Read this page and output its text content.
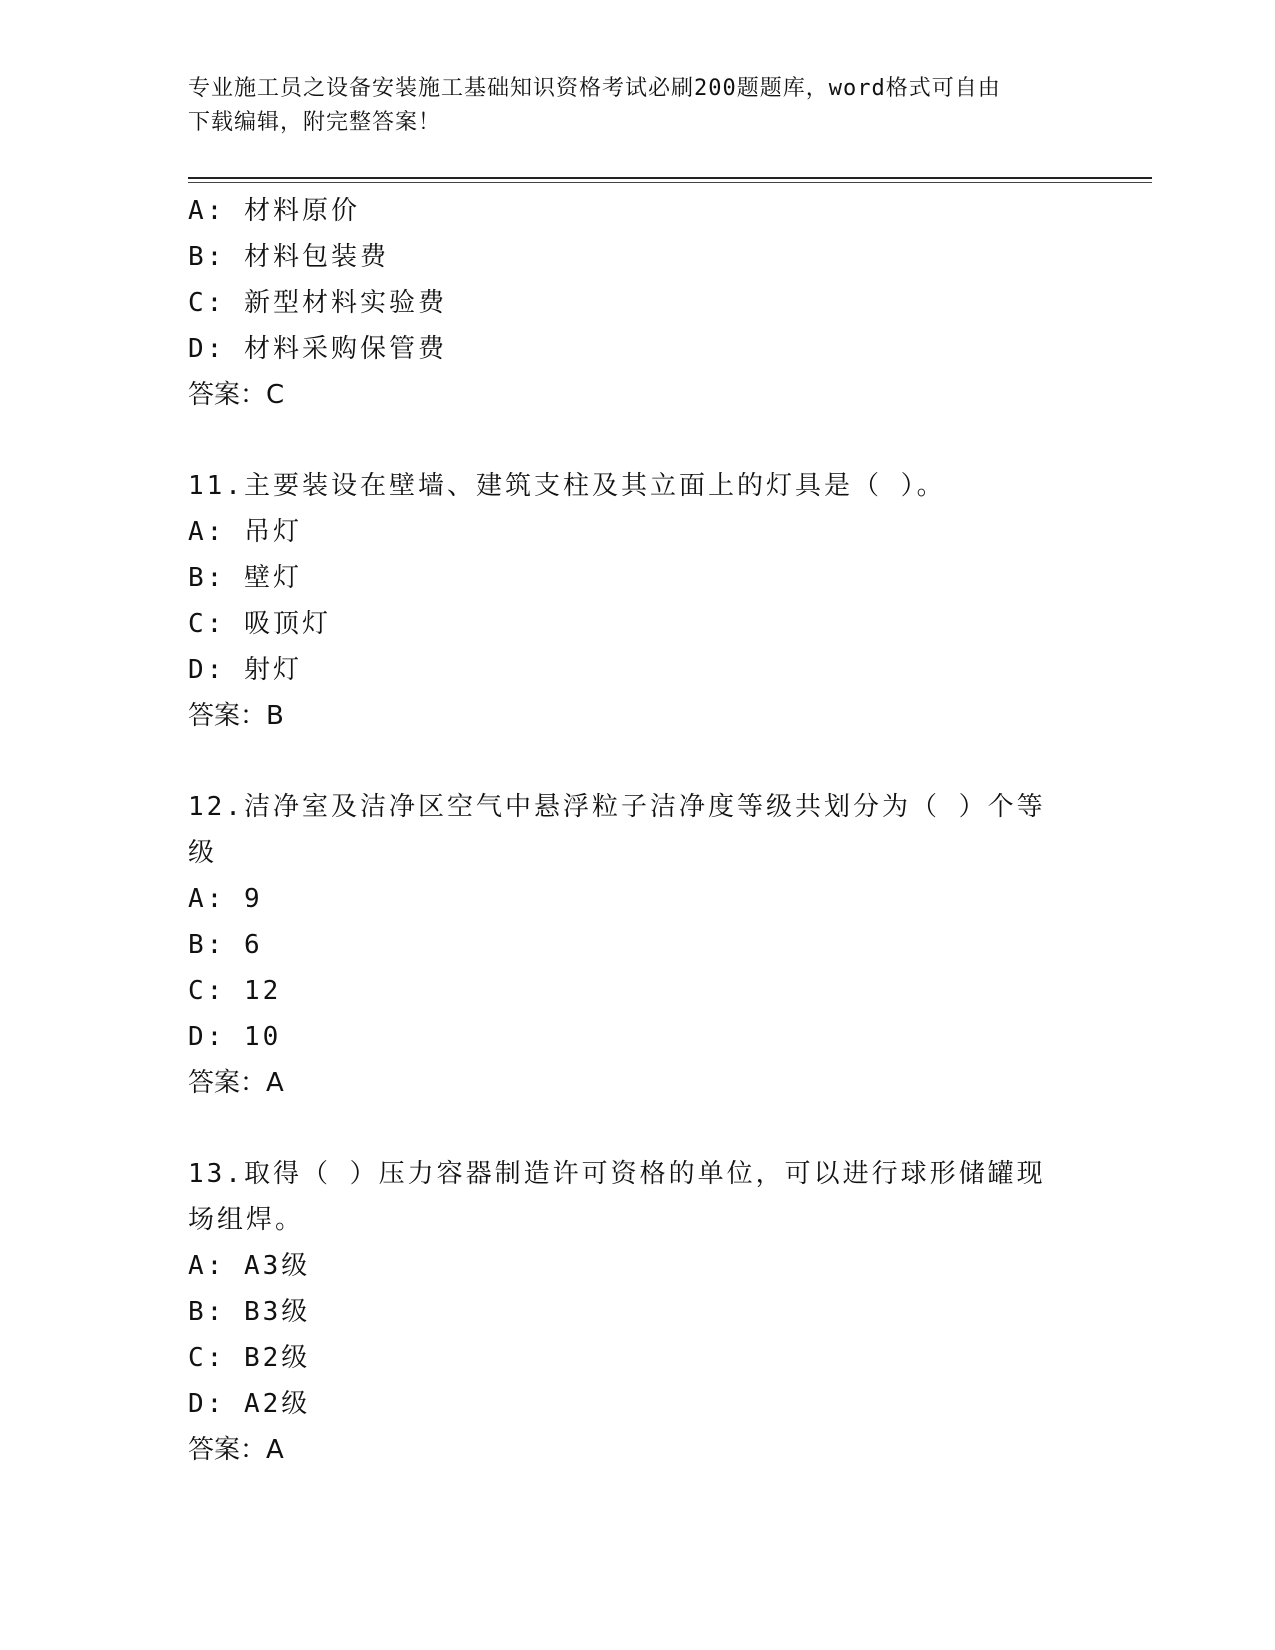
专业施工员之设备安装施工基础知识资格考试必刷200题题库，word格式可自由
下载编辑，附完整答案！
A: 材料原价
B: 材料包装费
C: 新型材料实验费
D: 材料采购保管费
答案：C
11.主要装设在壁墙、建筑支柱及其立面上的灯具是（ ）。
A: 吊灯
B: 壁灯
C: 吸顶灯
D: 射灯
答案：B
12.洁净室及洁净区空气中悬浮粒子洁净度等级共划分为（ ）个等级
A: 9
B: 6
C: 12
D: 10
答案：A
13.取得（ ）压力容器制造许可资格的单位，可以进行球形储罐现场组焊。
A: A3级
B: B3级
C: B2级
D: A2级
答案：A
